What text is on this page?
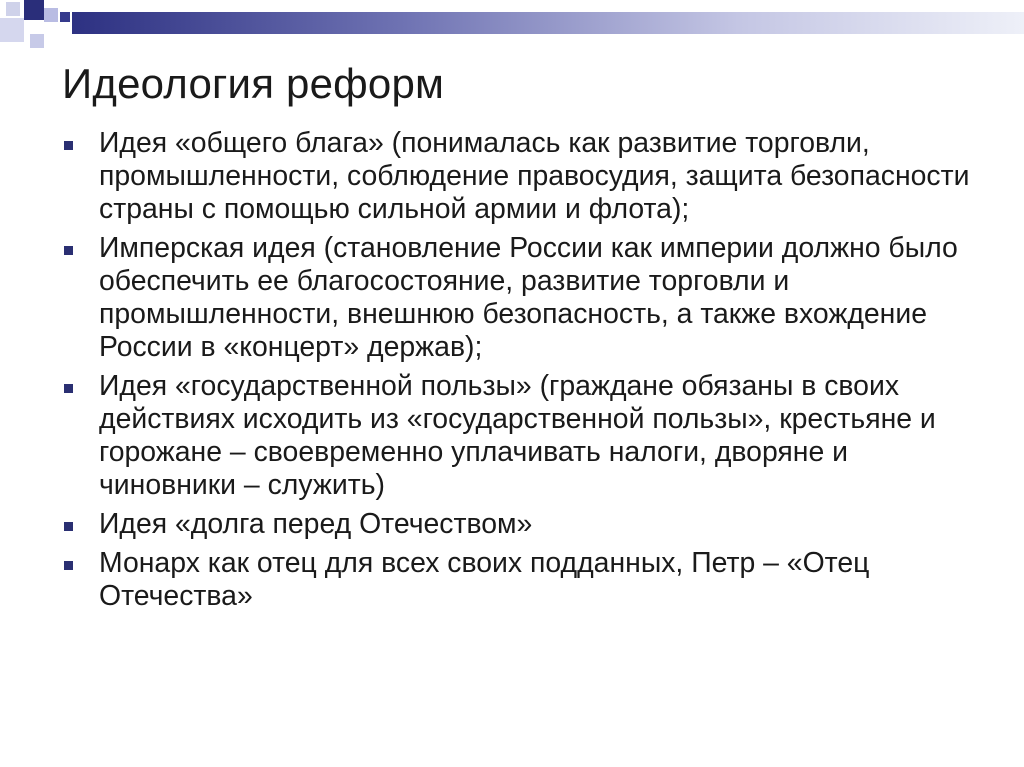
Идеология реформ
Идея «общего блага» (понималась как развитие торговли, промышленности, соблюдение правосудия, защита безопасности страны с помощью сильной армии и флота);
Имперская идея (становление России как империи должно было обеспечить ее благосостояние, развитие торговли и промышленности, внешнюю безопасность, а также вхождение России в «концерт» держав);
Идея «государственной пользы» (граждане обязаны в своих действиях исходить из «государственной пользы», крестьяне и горожане – своевременно уплачивать налоги, дворяне и чиновники – служить)
Идея «долга перед Отечеством»
Монарх как отец для всех своих подданных, Петр – «Отец Отечества»
